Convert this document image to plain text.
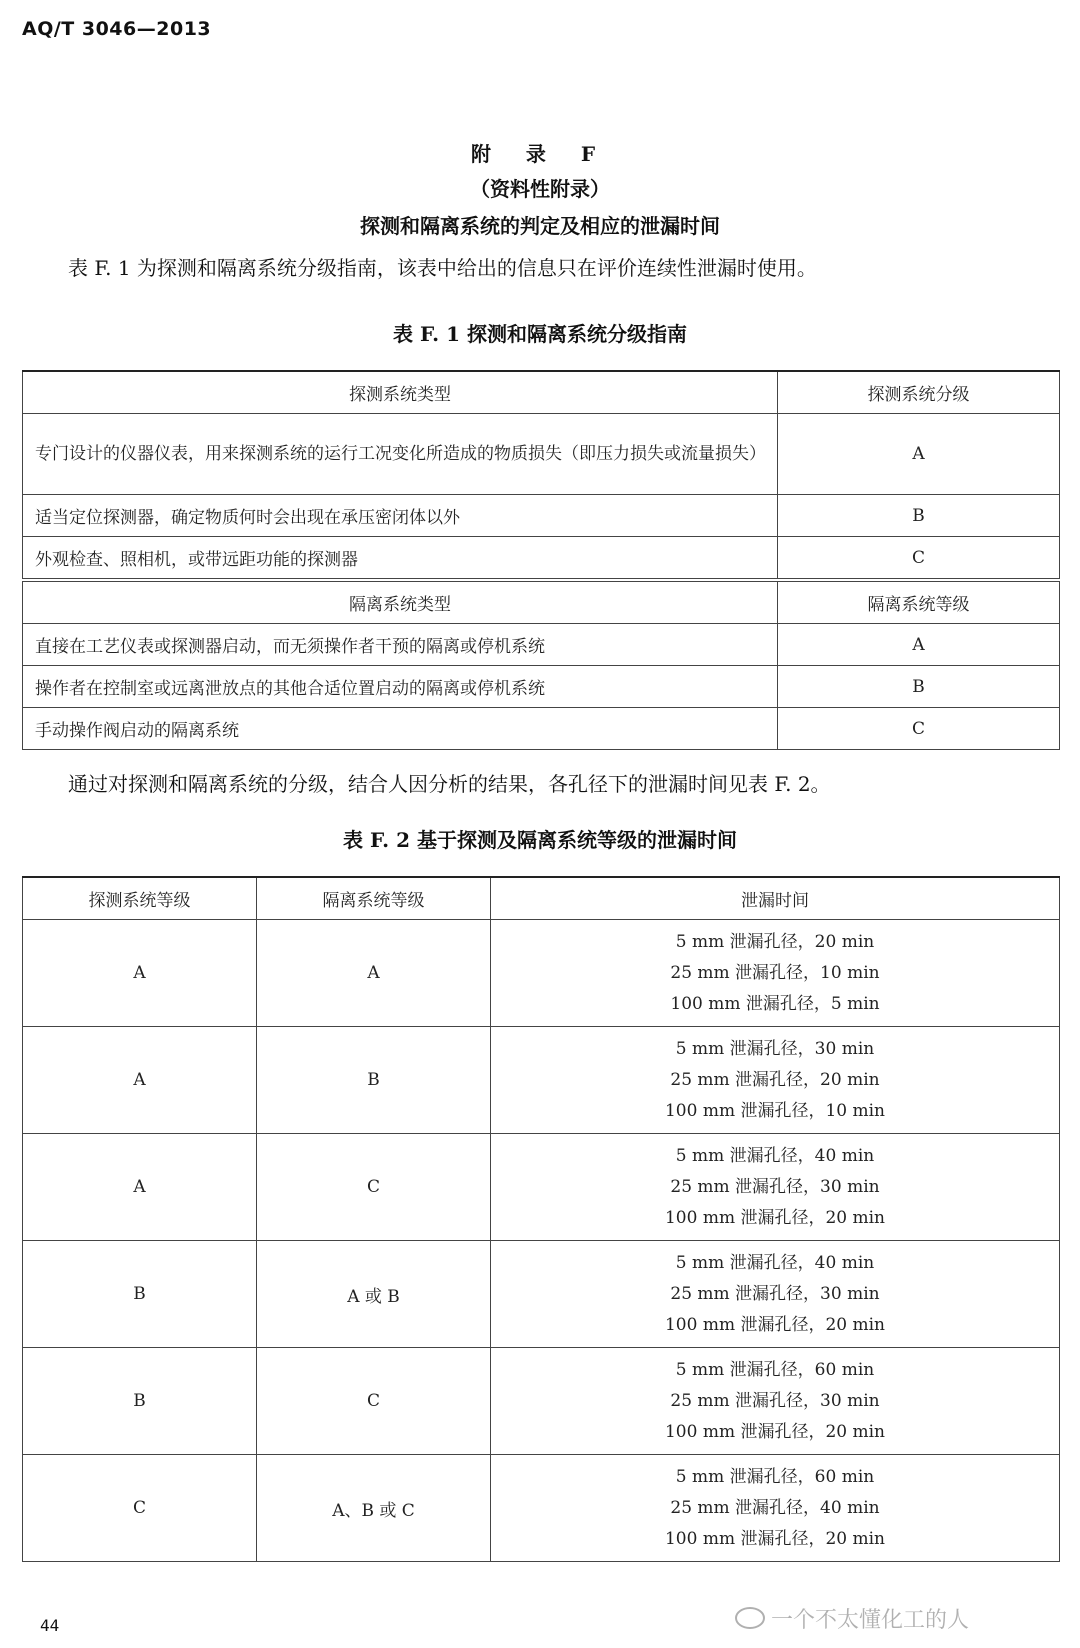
AQ/T 3046—2013
附 录 F
（资料性附录）
探测和隔离系统的判定及相应的泄漏时间
表 F. 1 为探测和隔离系统分级指南，该表中给出的信息只在评价连续性泄漏时使用。
表 F. 1 探测和隔离系统分级指南
探测系统类型	探测系统分级
专门设计的仪器仪表，用来探测系统的运行工况变化所造成的物质损失（即压力损失或流量损失）	A
适当定位探测器，确定物质何时会出现在承压密闭体以外	B
外观检查、照相机，或带远距功能的探测器	C
隔离系统类型	隔离系统等级
直接在工艺仪表或探测器启动，而无须操作者干预的隔离或停机系统	A
操作者在控制室或远离泄放点的其他合适位置启动的隔离或停机系统	B
手动操作阀启动的隔离系统	C
通过对探测和隔离系统的分级，结合人因分析的结果，各孔径下的泄漏时间见表 F. 2。
表 F. 2 基于探测及隔离系统等级的泄漏时间
探测系统等级	隔离系统等级	泄漏时间
A	A	5 mm 泄漏孔径，20 min
25 mm 泄漏孔径，10 min
100 mm 泄漏孔径，5 min

A	B	5 mm 泄漏孔径，30 min
25 mm 泄漏孔径，20 min
100 mm 泄漏孔径，10 min

A	C	5 mm 泄漏孔径，40 min
25 mm 泄漏孔径，30 min
100 mm 泄漏孔径，20 min

B	A 或 B	5 mm 泄漏孔径，40 min
25 mm 泄漏孔径，30 min
100 mm 泄漏孔径，20 min

B	C	5 mm 泄漏孔径，60 min
25 mm 泄漏孔径，30 min
100 mm 泄漏孔径，20 min

C	A、B 或 C	5 mm 泄漏孔径，60 min
25 mm 泄漏孔径，40 min
100 mm 泄漏孔径，20 min
44	一个不太懂化工的人
